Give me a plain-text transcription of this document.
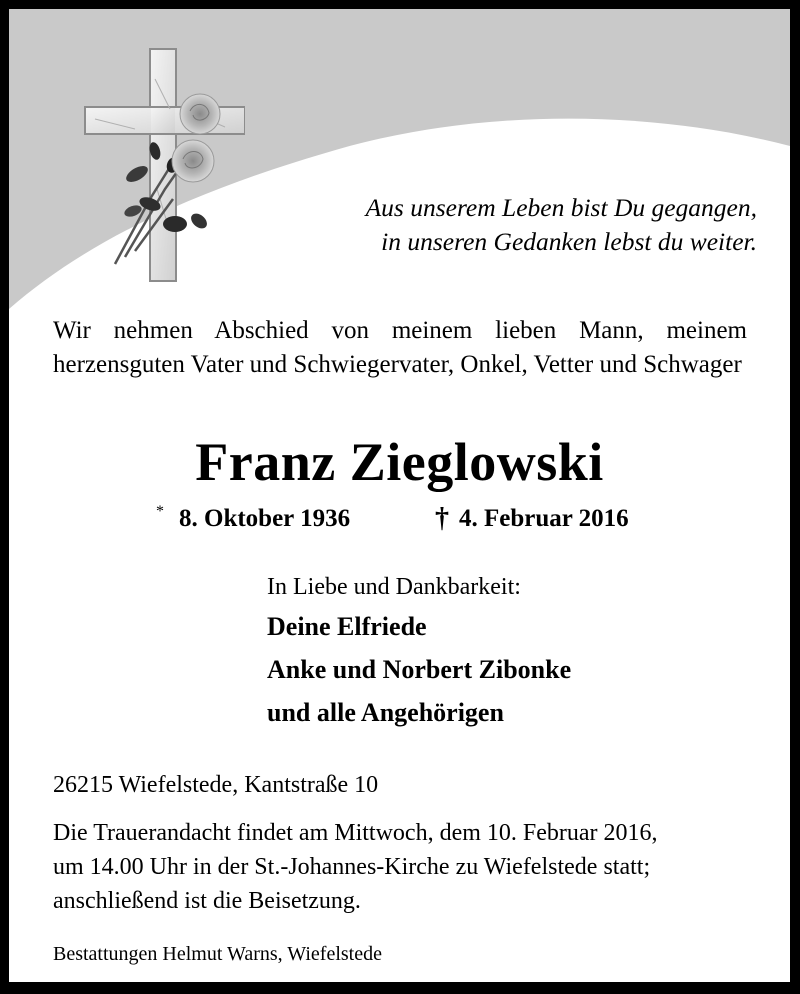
Aus unserem Leben bist Du gegangen,
in unseren Gedanken lebst du weiter.
Wir nehmen Abschied von meinem lieben Mann, meinem herzensguten Vater und Schwiegervater, Onkel, Vetter und Schwager
Franz Zieglowski
* 8. Oktober 1936	† 4. Februar 2016
In Liebe und Dankbarkeit:
Deine Elfriede
Anke und Norbert Zibonke
und alle Angehörigen
26215 Wiefelstede, Kantstraße 10
Die Trauerandacht findet am Mittwoch, dem 10. Februar 2016,
um 14.00 Uhr in der St.-Johannes-Kirche zu Wiefelstede statt;
anschließend ist die Beisetzung.
Bestattungen Helmut Warns, Wiefelstede
